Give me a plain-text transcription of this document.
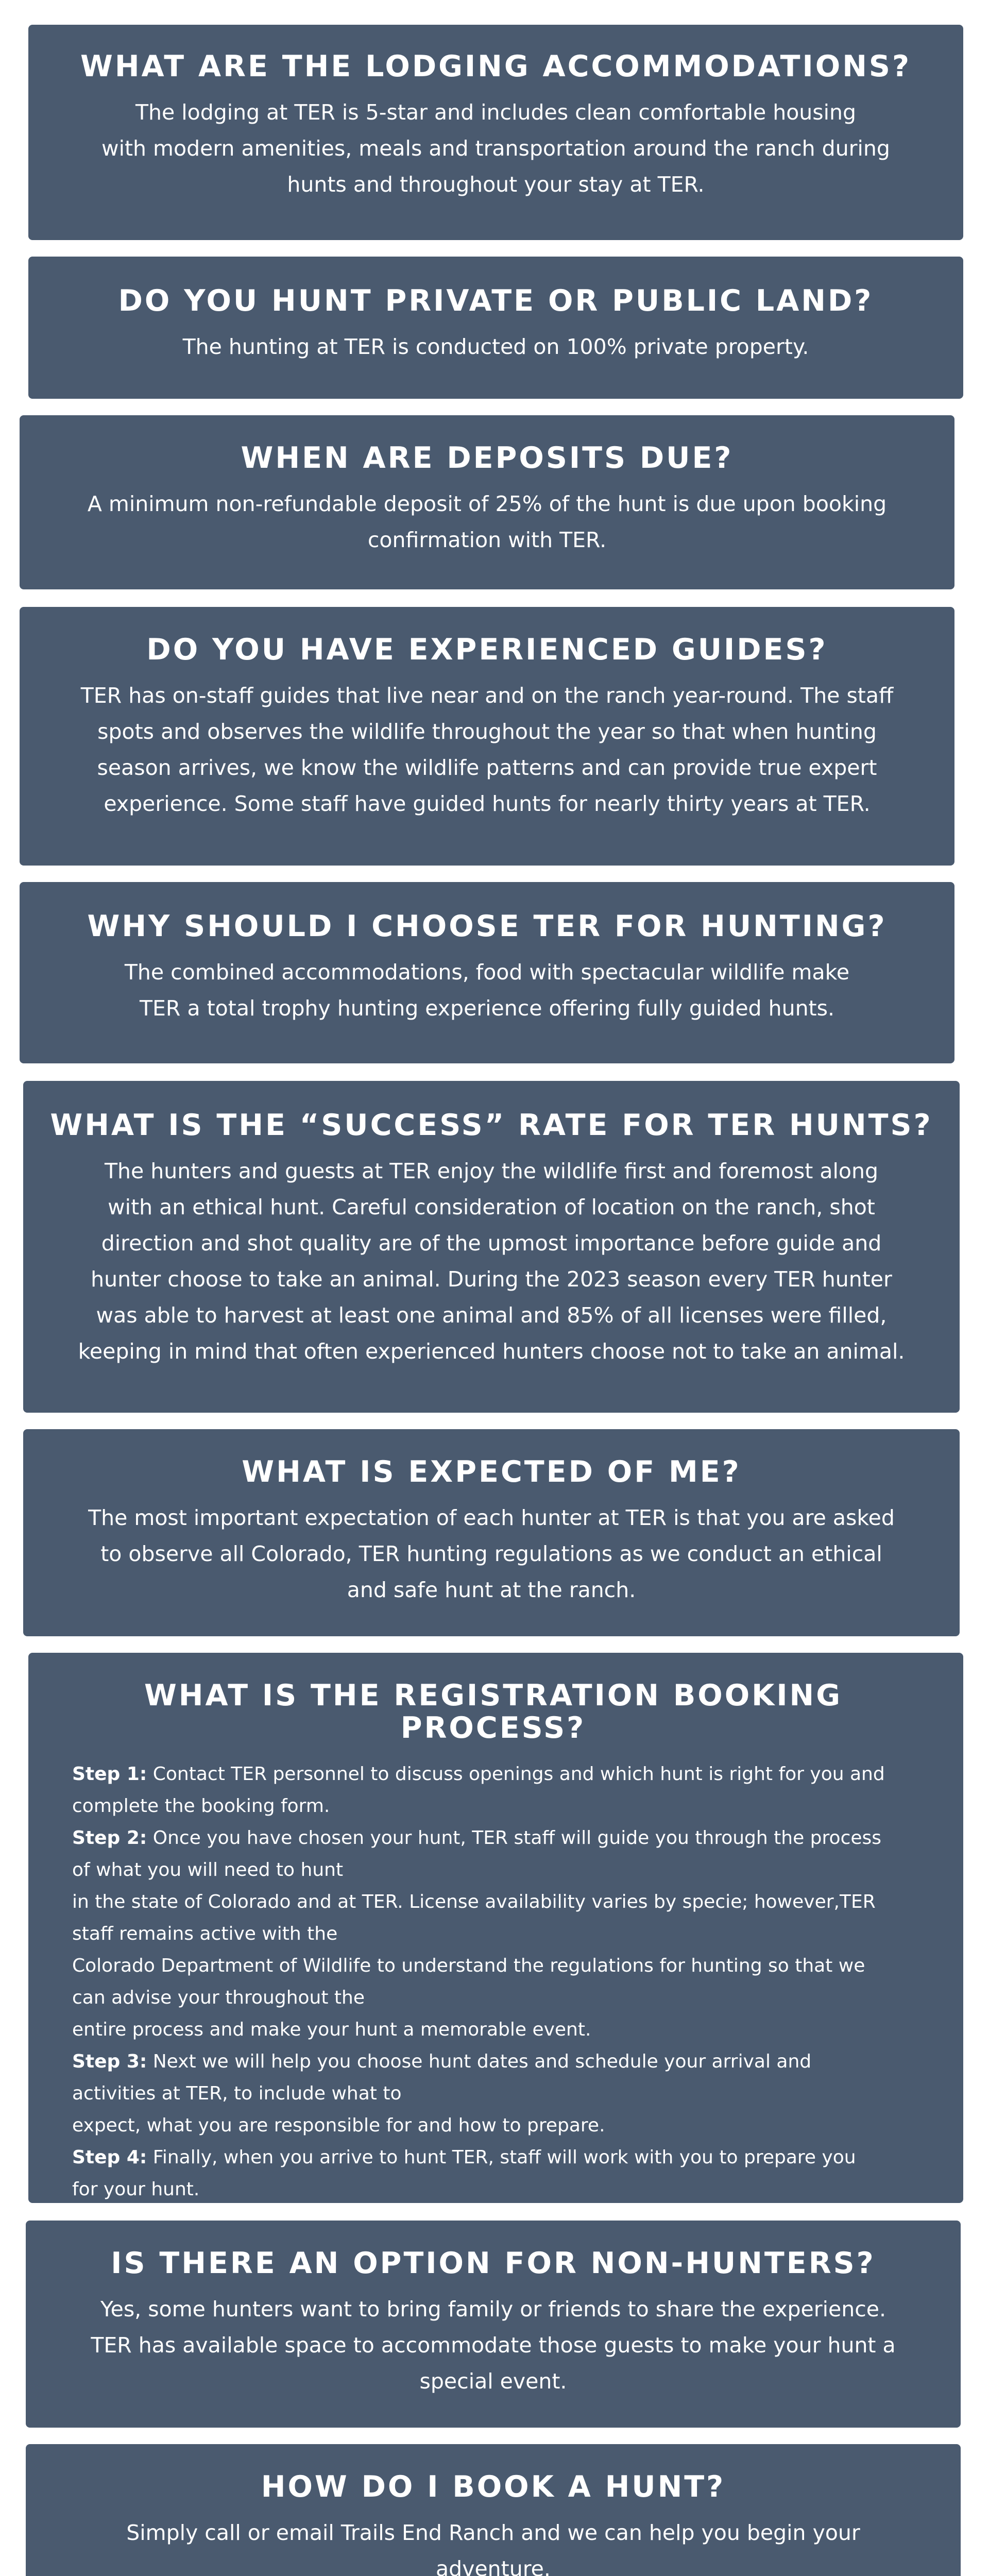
WHAT ARE THE LODGING ACCOMMODATIONS?

The lodging at TER is 5-star and includes clean comfortable housing
with modern amenities, meals and transportation around the ranch during
hunts and throughout your stay at TER.

DO YOU HUNT PRIVATE OR PUBLIC LAND?

The hunting at TER is conducted on 100% private property.

WHEN ARE DEPOSITS DUE?

A minimum non-refundable deposit of 25% of the hunt is due upon booking
confirmation with TER.

DO YOU HAVE EXPERIENCED GUIDES?

TER has on-staff guides that live near and on the ranch year-round. The staff
spots and observes the wildlife throughout the year so that when hunting
season arrives, we know the wildlife patterns and can provide true expert
experience. Some staff have guided hunts for nearly thirty years at TER.

WHY SHOULD I CHOOSE TER FOR HUNTING?

The combined accommodations, food with spectacular wildlife make
TER a total trophy hunting experience offering fully guided hunts.

WHAT IS THE “SUCCESS” RATE FOR TER HUNTS?

The hunters and guests at TER enjoy the wildlife first and foremost along
with an ethical hunt. Careful consideration of location on the ranch, shot
direction and shot quality are of the upmost importance before guide and
hunter choose to take an animal. During the 2023 season every TER hunter
was able to harvest at least one animal and 85% of all licenses were filled,
keeping in mind that often experienced hunters choose not to take an animal.

WHAT IS EXPECTED OF ME?

The most important expectation of each hunter at TER is that you are asked
to observe all Colorado, TER hunting regulations as we conduct an ethical
and safe hunt at the ranch.

WHAT IS THE REGISTRATION BOOKING PROCESS?
Step 1: Contact TER personnel to discuss openings and which hunt is right for you and
complete the booking form.
Step 2: Once you have chosen your hunt, TER staff will guide you through the process
of what you will need to hunt
in the state of Colorado and at TER. License availability varies by specie; however,TER
staff remains active with the
Colorado Department of Wildlife to understand the regulations for hunting so that we
can advise your throughout the
entire process and make your hunt a memorable event.
Step 3: Next we will help you choose hunt dates and schedule your arrival and
activities at TER, to include what to
expect, what you are responsible for and how to prepare.
Step 4: Finally, when you arrive to hunt TER, staff will work with you to prepare you
for your hunt.
IS THERE AN OPTION FOR NON-HUNTERS?

Yes, some hunters want to bring family or friends to share the experience.
TER has available space to accommodate those guests to make your hunt a
special event.

HOW DO I BOOK A HUNT?

Simply call or email Trails End Ranch and we can help you begin your
adventure.
